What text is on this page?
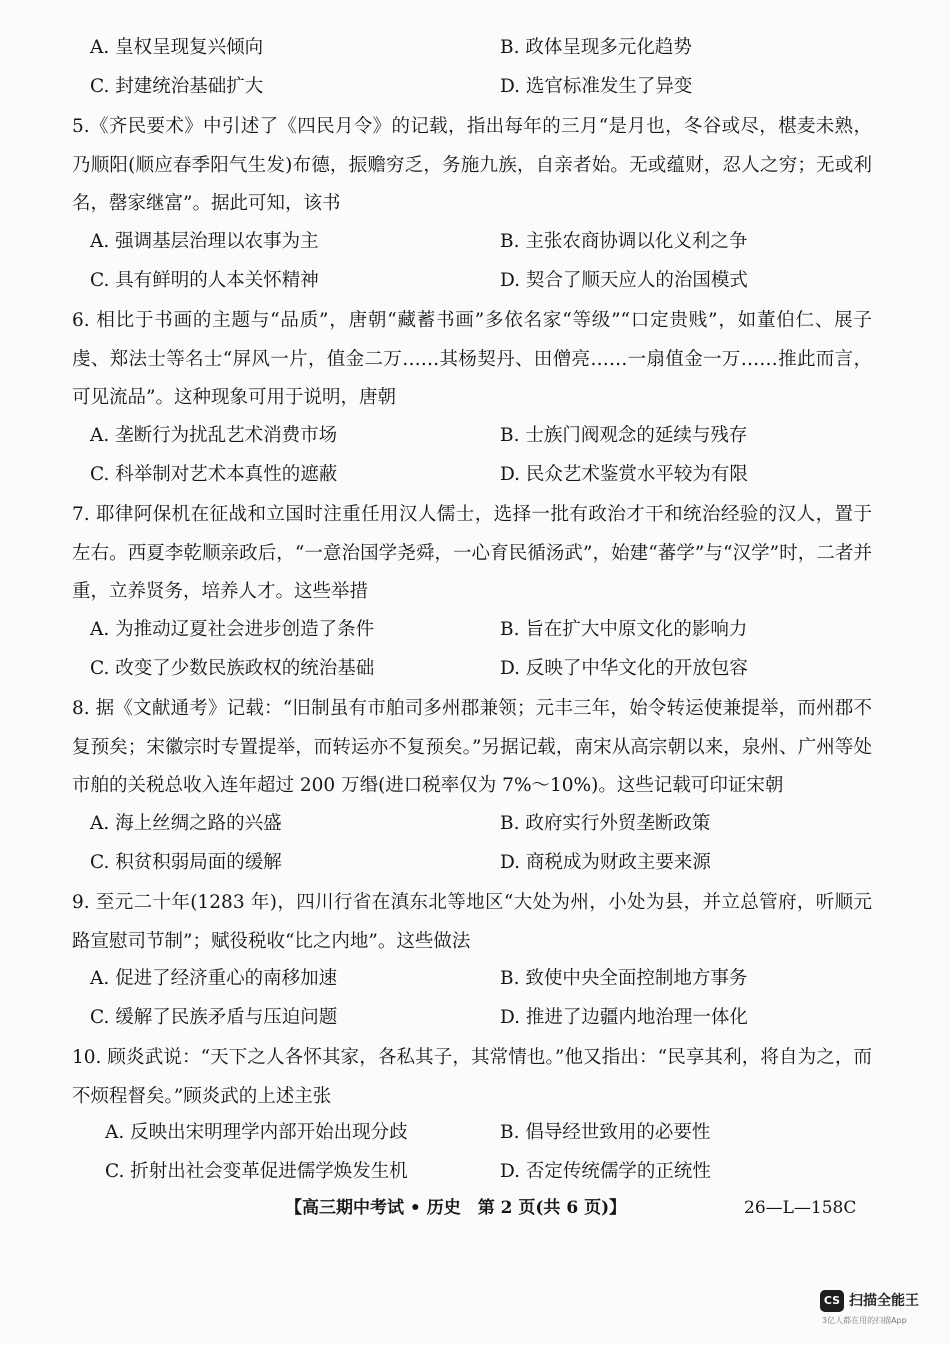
A. 皇权呈现复兴倾向	B. 政体呈现多元化趋势
C. 封建统治基础扩大	D. 选官标准发生了异变
5.《齐民要术》中引述了《四民月令》的记载，指出每年的三月“是月也，冬谷或尽，椹麦未熟，乃顺阳(顺应春季阳气生发)布德，振赡穷乏，务施九族，自亲者始。无或蕴财，忍人之穷；无或利名，罄家继富”。据此可知，该书
A. 强调基层治理以农事为主	B. 主张农商协调以化义利之争
C. 具有鲜明的人本关怀精神	D. 契合了顺天应人的治国模式
6. 相比于书画的主题与“品质”，唐朝“藏蓄书画”多依名家“等级”“口定贵贱”，如董伯仁、展子虔、郑法士等名士“屏风一片，值金二万……其杨契丹、田僧亮……一扇值金一万……推此而言，可见流品”。这种现象可用于说明，唐朝
A. 垄断行为扰乱艺术消费市场	B. 士族门阀观念的延续与残存
C. 科举制对艺术本真性的遮蔽	D. 民众艺术鉴赏水平较为有限
7. 耶律阿保机在征战和立国时注重任用汉人儒士，选择一批有政治才干和统治经验的汉人，置于左右。西夏李乾顺亲政后，“一意治国学尧舜，一心育民循汤武”，始建“蕃学”与“汉学”时，二者并重，立养贤务，培养人才。这些举措
A. 为推动辽夏社会进步创造了条件	B. 旨在扩大中原文化的影响力
C. 改变了少数民族政权的统治基础	D. 反映了中华文化的开放包容
8. 据《文献通考》记载：“旧制虽有市舶司多州郡兼领；元丰三年，始令转运使兼提举，而州郡不复预矣；宋徽宗时专置提举，而转运亦不复预矣。”另据记载，南宋从高宗朝以来，泉州、广州等处市舶的关税总收入连年超过 200 万缗(进口税率仅为 7%～10%)。这些记载可印证宋朝
A. 海上丝绸之路的兴盛	B. 政府实行外贸垄断政策
C. 积贫积弱局面的缓解	D. 商税成为财政主要来源
9. 至元二十年(1283 年)，四川行省在滇东北等地区“大处为州，小处为县，并立总管府，听顺元路宣慰司节制”；赋役税收“比之内地”。这些做法
A. 促进了经济重心的南移加速	B. 致使中央全面控制地方事务
C. 缓解了民族矛盾与压迫问题	D. 推进了边疆内地治理一体化
10. 顾炎武说：“天下之人各怀其家，各私其子，其常情也。”他又指出：“民享其利，将自为之，而不烦程督矣。”顾炎武的上述主张
A. 反映出宋明理学内部开始出现分歧	B. 倡导经世致用的必要性
C. 折射出社会变革促进儒学焕发生机	D. 否定传统儒学的正统性
【高三期中考试 • 历史　第 2 页(共 6 页)】	26—L—158C
CS 扫描全能王
3亿人都在用的扫描App
